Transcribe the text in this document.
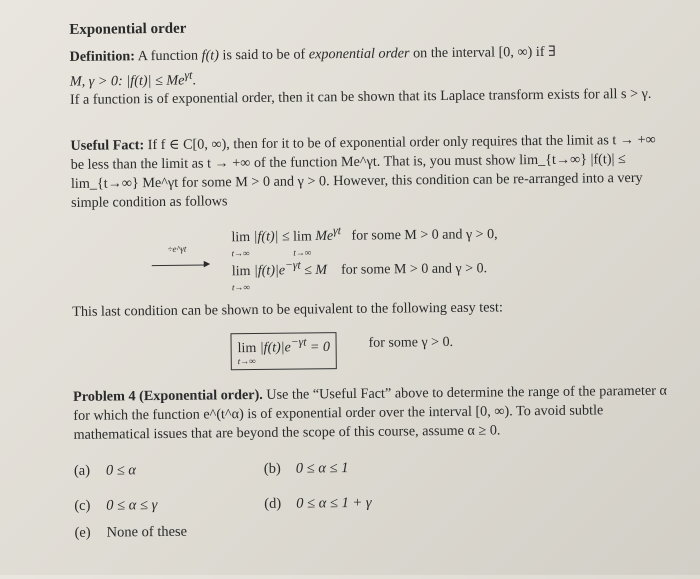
Exponential order
Definition: A function f(t) is said to be of exponential order on the interval [0, ∞) if ∃
M, γ > 0: $|f(t)| \le Me^{\gamma t}$.
If a function is of exponential order, then it can be shown that its Laplace transform exists for all s > γ.
Useful Fact: If f ∈ C[0, ∞), then for it to be of exponential order only requires that the limit as t → +∞ be less than the limit as t → +∞ of the function Me^γt. That is, you must show lim_{t→∞} |f(t)| ≤ lim_{t→∞} Me^γt for some M > 0 and γ > 0. However, this condition can be re-arranged into a very simple condition as follows
lim
t→∞
|f(t)| ≤ lim
t→∞
$Me^{\gamma t}$ for some M > 0 and γ > 0,
÷e^γt
▸
lim
t→∞
$|f(t)|e^{-\gamma t} \le M$ for some M > 0 and γ > 0.
This last condition can be shown to be equivalent to the following easy test:
lim
t→∞
$|f(t)|e^{-\gamma t} = 0$	for some γ > 0.
Problem 4 (Exponential order). Use the “Useful Fact” above to determine the range of the parameter α for which the function e^(t^α) is of exponential order over the interval [0, ∞). To avoid subtle mathematical issues that are beyond the scope of this course, assume α ≥ 0.
(a) 0 ≤ α	(b) 0 ≤ α ≤ 1
(c) 0 ≤ α ≤ γ	(d) 0 ≤ α ≤ 1 + γ
(e) None of these
